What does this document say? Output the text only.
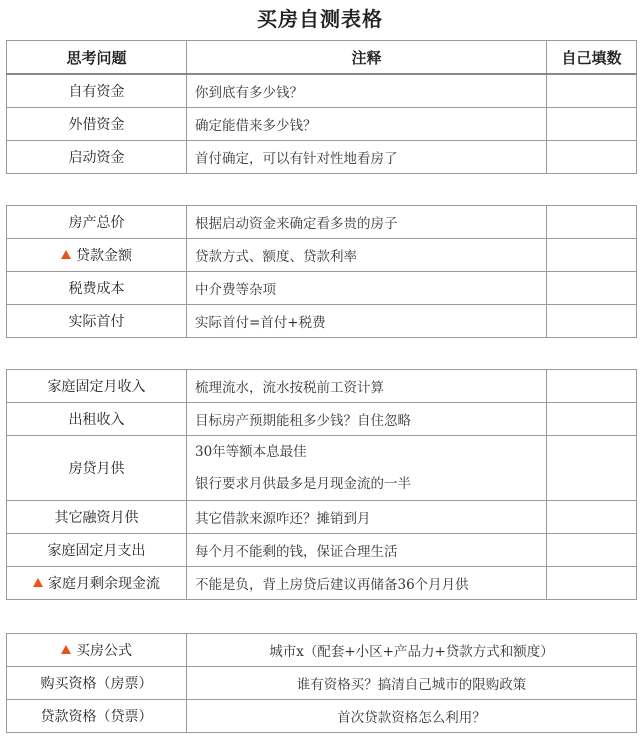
买房自测表格
思考问题	注释	自己填数
自有资金	你到底有多少钱？	
外借资金	确定能借来多少钱？	
启动资金	首付确定，可以有针对性地看房了	

房产总价	根据启动资金来确定看多贵的房子	
贷款金额	贷款方式、额度、贷款利率	
税费成本	中介费等杂项	
实际首付	实际首付=首付+税费	

家庭固定月收入	梳理流水，流水按税前工资计算	
出租收入	目标房产预期能租多少钱？自住忽略	
房贷月供	30年等额本息最佳
银行要求月供最多是月现金流的一半	

其它融资月供	其它借款来源咋还？摊销到月	
家庭固定月支出	每个月不能剩的钱，保证合理生活	
家庭月剩余现金流	不能是负，背上房贷后建议再储备36个月月供	

买房公式	城市x（配套+小区+产品力+贷款方式和额度）	
购买资格（房票）	谁有资格买？搞清自己城市的限购政策	
贷款资格（贷票）	首次贷款资格怎么利用？	
